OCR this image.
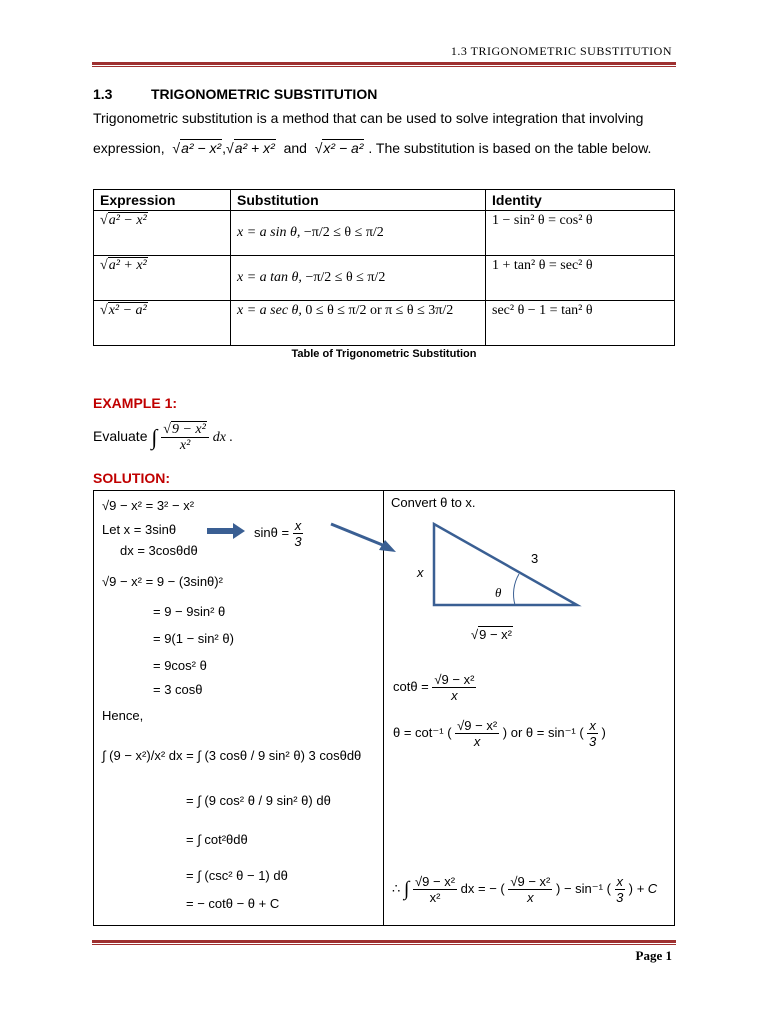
1.3 TRIGONOMETRIC SUBSTITUTION
1.3	TRIGONOMETRIC SUBSTITUTION
Trigonometric substitution is a method that can be used to solve integration that involving
expression,  √a² − x²,√a² + x² and  √x² − a² . The substitution is based on the table below.
Expression	Substitution	Identity
√a² − x²	x = a sin θ, −π/2 ≤ θ ≤ π/2	1 − sin² θ = cos² θ
√a² + x²	x = a tan θ, −π/2 ≤ θ ≤ π/2	1 + tan² θ = sec² θ
√x² − a²	x = a sec θ, 0 ≤ θ ≤ π/2 or π ≤ θ ≤ 3π/2	sec² θ − 1 = tan² θ
Table of Trigonometric Substitution
EXAMPLE 1:
Evaluate ∫ $\frac{\text{√9 − x²}}{\text{x²}}$ dx .
SOLUTION:
√9 − x² = 3² − x²
Let x = 3sinθ	$\sin\theta = \frac{x}{3}$
dx = 3cosθdθ
√9 − x² = 9 − (3sinθ)²
= 9 − 9sin² θ
= 9(1 − sin² θ)
= 9cos² θ
= 3 cosθ
Hence,
∫ (9 − x²)/x² dx = ∫ (3 cosθ / 9 sin² θ) 3 cosθdθ
= ∫ (9 cos² θ / 9 sin² θ) dθ
= ∫ cot²θdθ
= ∫ (csc² θ − 1) dθ
= − cotθ − θ + C
Convert θ to x.
3
x
θ
√9 − x²
$\cot\theta = \frac{\text{√9 − x²}}{x}$
θ = cot⁻¹ ( $\frac{\text{√9 − x²}}{x}$ ) or θ = sin⁻¹ ( $\frac{x}{3}$ )
∴ ∫ $\frac{\text{√9 − x²}}{\text{x²}}$ dx = − ( $\frac{\text{√9 − x²}}{x}$ ) − sin⁻¹ ( $\frac{x}{3}$ ) + C
Page 1
